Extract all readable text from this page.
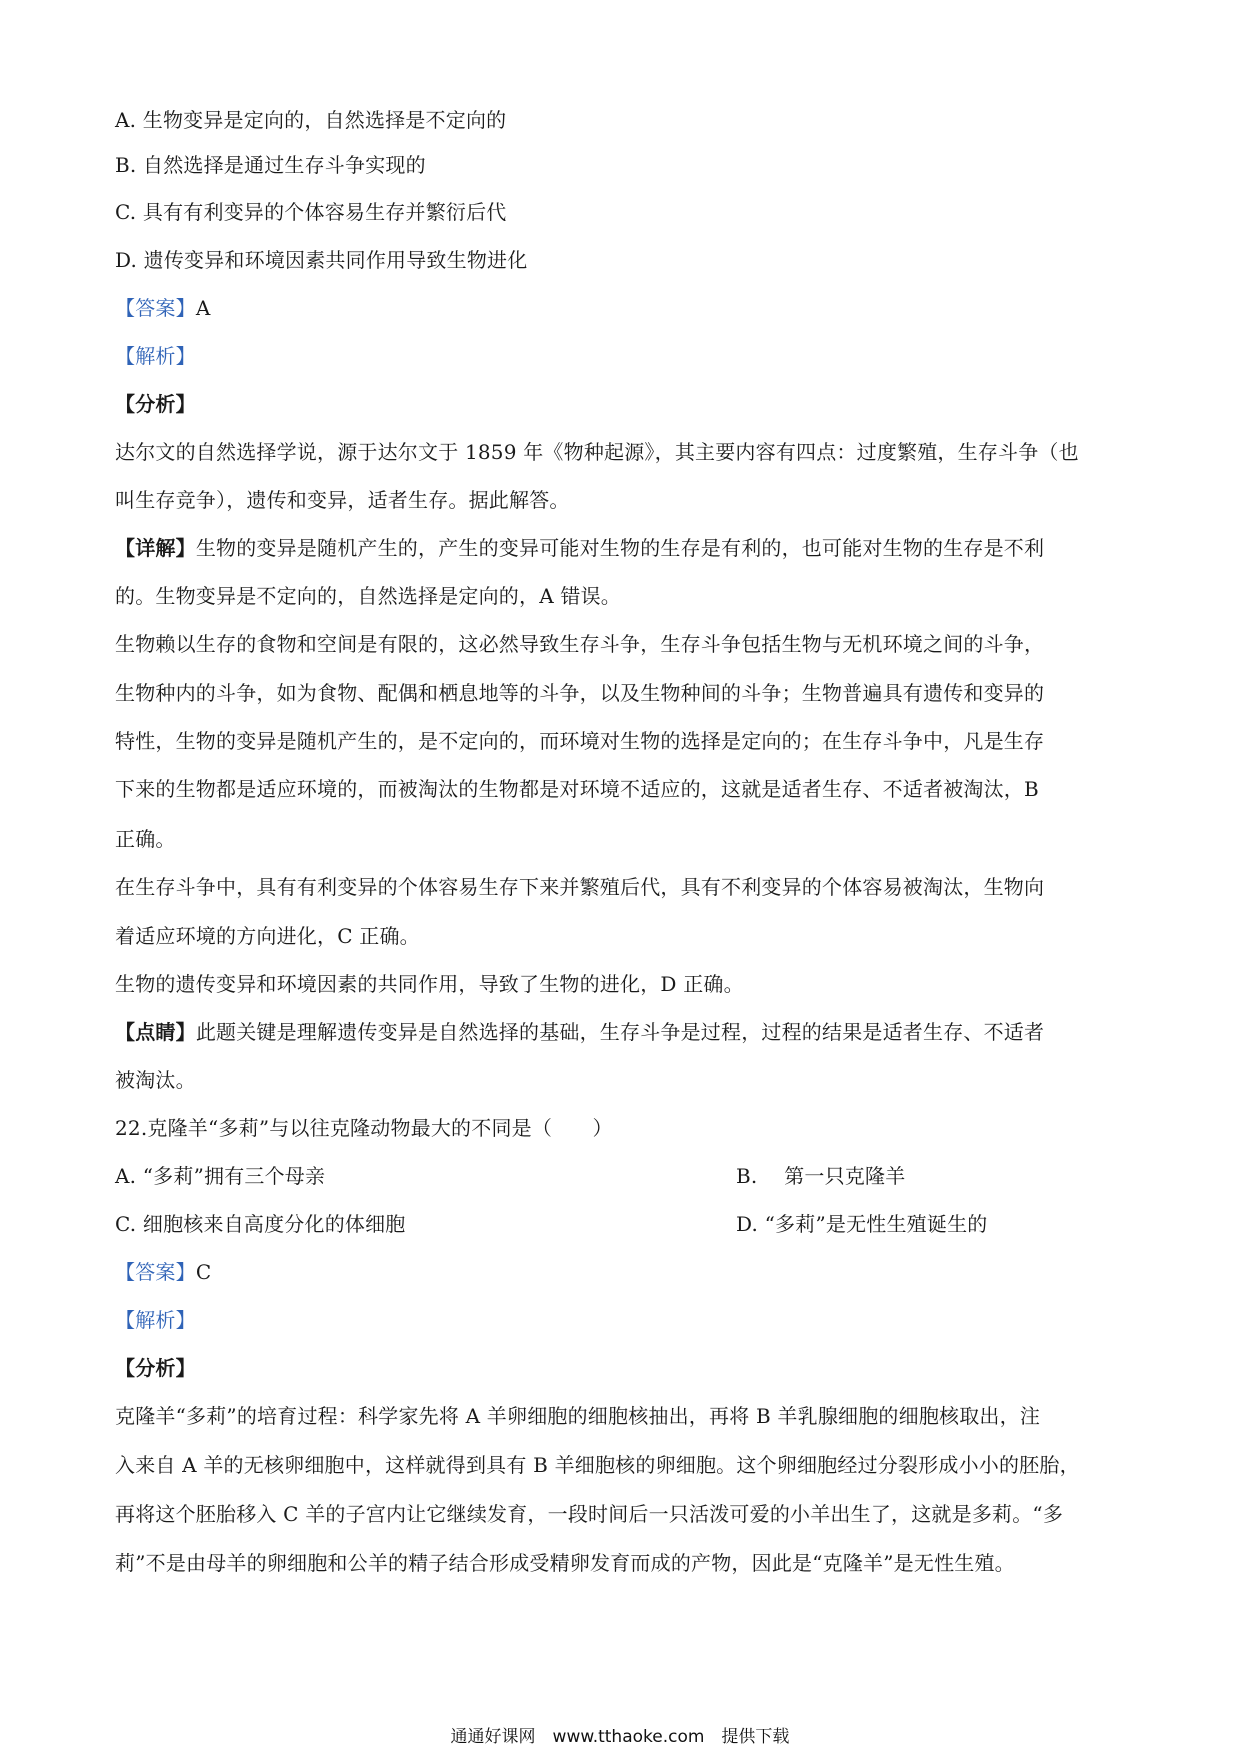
A. 生物变异是定向的，自然选择是不定向的
B. 自然选择是通过生存斗争实现的
C. 具有有利变异的个体容易生存并繁衍后代
D. 遗传变异和环境因素共同作用导致生物进化
【答案】A
【解析】
【分析】
达尔文的自然选择学说，源于达尔文于 1859 年《物种起源》，其主要内容有四点：过度繁殖，生存斗争（也
叫生存竞争），遗传和变异，适者生存。据此解答。
【详解】生物的变异是随机产生的，产生的变异可能对生物的生存是有利的，也可能对生物的生存是不利
的。生物变异是不定向的，自然选择是定向的，A 错误。
生物赖以生存的食物和空间是有限的，这必然导致生存斗争，生存斗争包括生物与无机环境之间的斗争，
生物种内的斗争，如为食物、配偶和栖息地等的斗争，以及生物种间的斗争；生物普遍具有遗传和变异的
特性，生物的变异是随机产生的，是不定向的，而环境对生物的选择是定向的；在生存斗争中，凡是生存
下来的生物都是适应环境的，而被淘汰的生物都是对环境不适应的，这就是适者生存、不适者被淘汰，B
正确。
在生存斗争中，具有有利变异的个体容易生存下来并繁殖后代，具有不利变异的个体容易被淘汰，生物向
着适应环境的方向进化，C 正确。
生物的遗传变异和环境因素的共同作用，导致了生物的进化，D 正确。
【点睛】此题关键是理解遗传变异是自然选择的基础，生存斗争是过程，过程的结果是适者生存、不适者
被淘汰。
22.克隆羊“多莉”与以往克隆动物最大的不同是（　　）
A. “多莉”拥有三个母亲	B.　 第一只克隆羊
C. 细胞核来自高度分化的体细胞	D. “多莉”是无性生殖诞生的
【答案】C
【解析】
【分析】
克隆羊“多莉”的培育过程：科学家先将 A 羊卵细胞的细胞核抽出，再将 B 羊乳腺细胞的细胞核取出，注
入来自 A 羊的无核卵细胞中，这样就得到具有 B 羊细胞核的卵细胞。这个卵细胞经过分裂形成小小的胚胎，
再将这个胚胎移入 C 羊的子宫内让它继续发育，一段时间后一只活泼可爱的小羊出生了，这就是多莉。“多
莉”不是由母羊的卵细胞和公羊的精子结合形成受精卵发育而成的产物，因此是“克隆羊”是无性生殖。
通通好课网　www.tthaoke.com　提供下载
